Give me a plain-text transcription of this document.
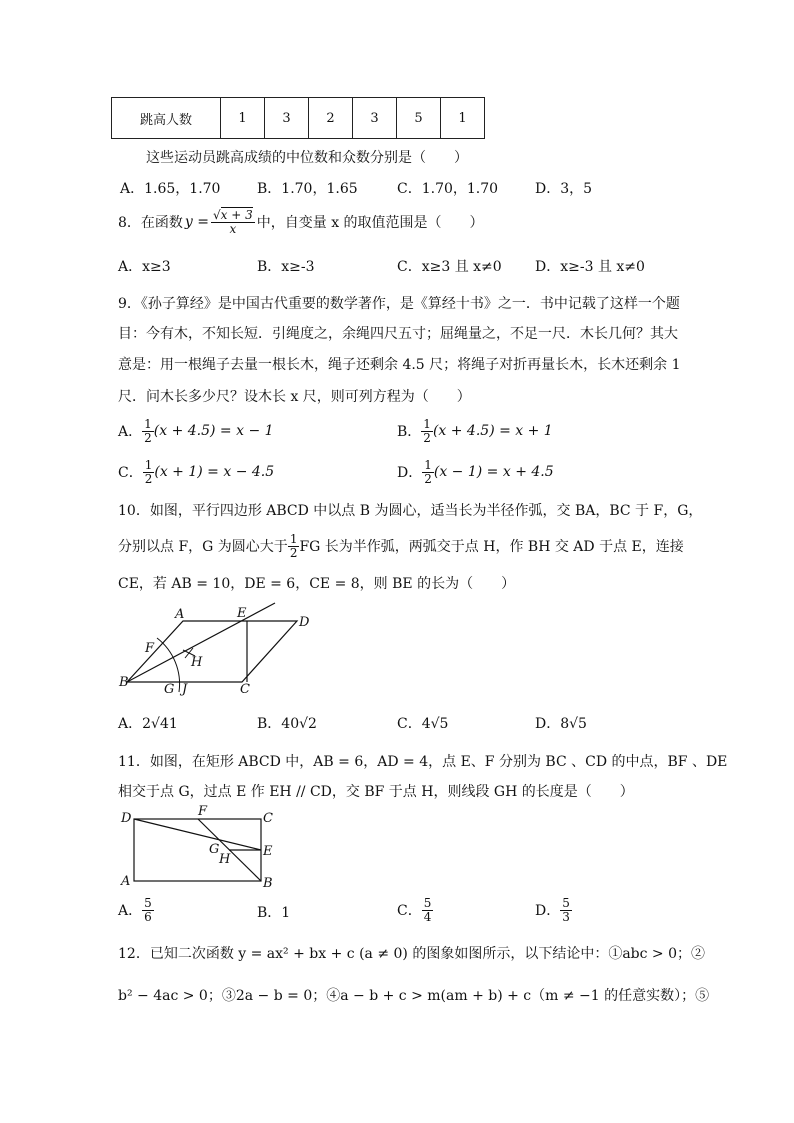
跳高人数	1	3	2	3	5	1
这些运动员跳高成绩的中位数和众数分别是（　　）
A．1.65，1.70	B．1.70，1.65	C．1.70，1.70	D．3，5
8．在函数 $y = \frac{√x + 3}{x}$ 中，自变量 x 的取值范围是（　　）
A．x≥3	B．x≥-3	C．x≥3 且 x≠0 D．x≥-3 且 x≠0
9．《孙子算经》是中国古代重要的数学著作，是《算经十书》之一．书中记载了这样一个题
目：今有木，不知长短．引绳度之，余绳四尺五寸；屈绳量之，不足一尺．木长几何？其大
意是：用一根绳子去量一根长木，绳子还剩余 4.5 尺；将绳子对折再量长木，长木还剩余 1
尺．问木长多少尺？设木长 x 尺，则可列方程为（　　）
A． $\frac{1}{2} (x + 4.5) = x - 1$	B． $\frac{1}{2} (x + 4.5) = x + 1$
C． $\frac{1}{2} (x + 1) = x - 4.5$	D． $\frac{1}{2} (x - 1) = x + 4.5$
10．如图，平行四边形 ABCD 中以点 B 为圆心，适当长为半径作弧，交 BA，BC 于 F，G，
分别以点 F，G 为圆心大于 $\frac{1}{2}$ FG 长为半作弧，两弧交于点 H，作 BH 交 AD 于点 E，连接
CE，若 AB = 10，DE = 6，CE = 8，则 BE 的长为（　　）
A	E
D
F
H
B	G J	C
A．2√41	B．40√2	C．4√5	D．8√5
11．如图，在矩形 ABCD 中，AB = 6，AD = 4，点 E、F 分别为 BC 、CD 的中点，BF 、DE
相交于点 G，过点 E 作 EH // CD，交 BF 于点 H，则线段 GH 的长度是（　　）
D	F	C
G	E
H
A	B
A． $\frac{5}{6}$	B．1	C． $\frac{5}{4}$	D． $\frac{5}{3}$
12．已知二次函数 y = ax² + bx + c (a ≠ 0) 的图象如图所示，以下结论中：①abc > 0；②
b² − 4ac > 0；③2a − b = 0；④a − b + c > m(am + b) + c（m ≠ −1 的任意实数）；⑤
